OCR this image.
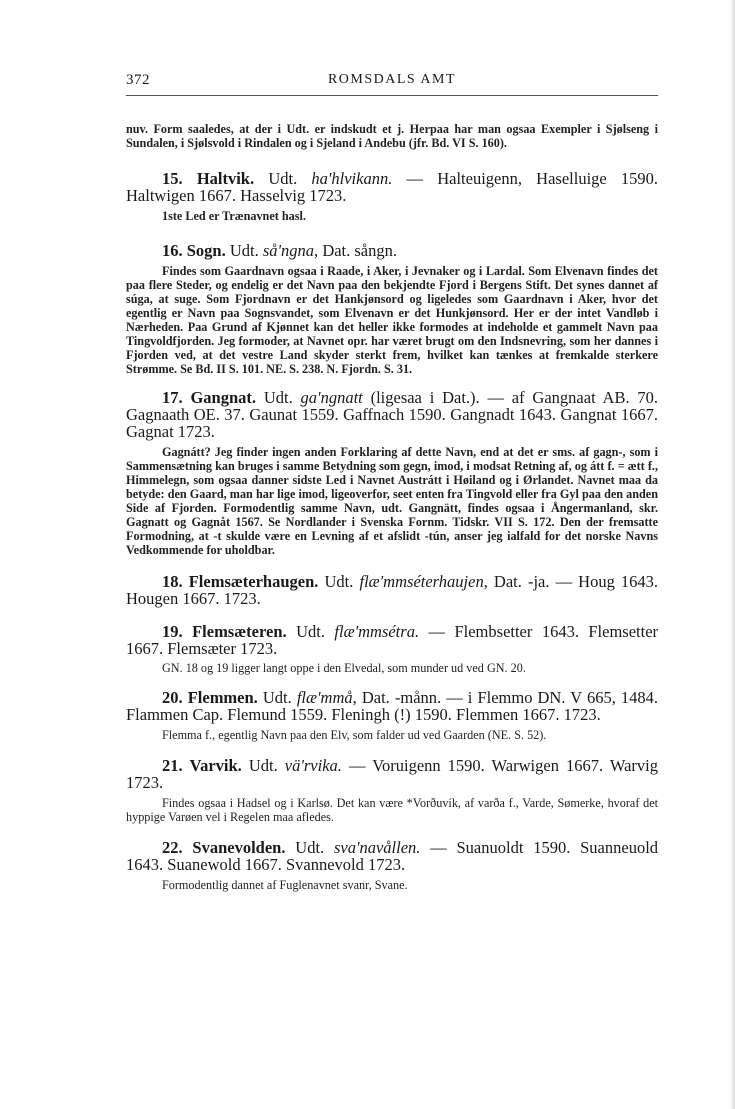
372	ROMSDALS AMT

nuv. Form saaledes, at der i Udt. er indskudt et j. Herpaa har man ogsaa Exempler i Sjølseng i Sundalen, i Sjølsvold i Rindalen og i Sjeland i Andebu (jfr. Bd. VI S. 160).

15. Haltvik. Udt. ha'hlvikann. — Halteuigenn, Haselluige 1590. Haltwigen 1667. Hasselvig 1723.

1ste Led er Trænavnet hasl.

16. Sogn. Udt. så'ngna, Dat. sångn.

Findes som Gaardnavn ogsaa i Raade, i Aker, i Jevnaker og i Lardal. Som Elvenavn findes det paa flere Steder, og endelig er det Navn paa den bekjendte Fjord i Bergens Stift. Det synes dannet af súga, at suge. Som Fjordnavn er det Hankjønsord og ligeledes som Gaardnavn i Aker, hvor det egentlig er Navn paa Sognsvandet, som Elvenavn er det Hunkjønsord. Her er der intet Vandløb i Nærheden. Paa Grund af Kjønnet kan det heller ikke formodes at indeholde et gammelt Navn paa Tingvoldfjorden. Jeg formoder, at Navnet opr. har været brugt om den Indsnevring, som her dannes i Fjorden ved, at det vestre Land skyder sterkt frem, hvilket kan tænkes at fremkalde sterkere Strømme. Se Bd. II S. 101. NE. S. 238. N. Fjordn. S. 31.

17. Gangnat. Udt. ga'ngnatt (ligesaa i Dat.). — af Gangnaat AB. 70. Gagnaath OE. 37. Gaunat 1559. Gaffnach 1590. Gangnadt 1643. Gangnat 1667. Gagnat 1723.

Gagnátt? Jeg finder ingen anden Forklaring af dette Navn, end at det er sms. af gagn-, som i Sammensætning kan bruges i samme Betydning som gegn, imod, i modsat Retning af, og átt f. = ætt f., Himmelegn, som ogsaa danner sidste Led i Navnet Austrátt i Høiland og i Ørlandet. Navnet maa da betyde: den Gaard, man har lige imod, ligeoverfor, seet enten fra Tingvold eller fra Gyl paa den anden Side af Fjorden. Formodentlig samme Navn, udt. Gangnätt, findes ogsaa i Ångermanland, skr. Gagnatt og Gagnåt 1567. Se Nordlander i Svenska Fornm. Tidskr. VII S. 172. Den der fremsatte Formodning, at -t skulde være en Levning af et afslidt -tún, anser jeg ialfald for det norske Navns Vedkommende for uholdbar.

18. Flemsæterhaugen. Udt. flæ'mmséterhaujen, Dat. -ja. — Houg 1643. Hougen 1667. 1723.

19. Flemsæteren. Udt. flæ'mmsétra. — Flembsetter 1643. Flemsetter 1667. Flemsæter 1723.

GN. 18 og 19 ligger langt oppe i den Elvedal, som munder ud ved GN. 20.

20. Flemmen. Udt. flæ'mmå, Dat. -månn. — i Flemmo DN. V 665, 1484. Flammen Cap. Flemund 1559. Fleningh (!) 1590. Flemmen 1667. 1723.

Flemma f., egentlig Navn paa den Elv, som falder ud ved Gaarden (NE. S. 52).

21. Varvik. Udt. vä'rvika. — Voruigenn 1590. Warwigen 1667. Warvig 1723.

Findes ogsaa i Hadsel og i Karlsø. Det kan være *Vorðuvík, af varða f., Varde, Sømerke, hvoraf det hyppige Varøen vel i Regelen maa afledes.

22. Svanevolden. Udt. sva'navållen. — Suanuoldt 1590. Suanneuold 1643. Suanewold 1667. Svannevold 1723.

Formodentlig dannet af Fuglenavnet svanr, Svane.
